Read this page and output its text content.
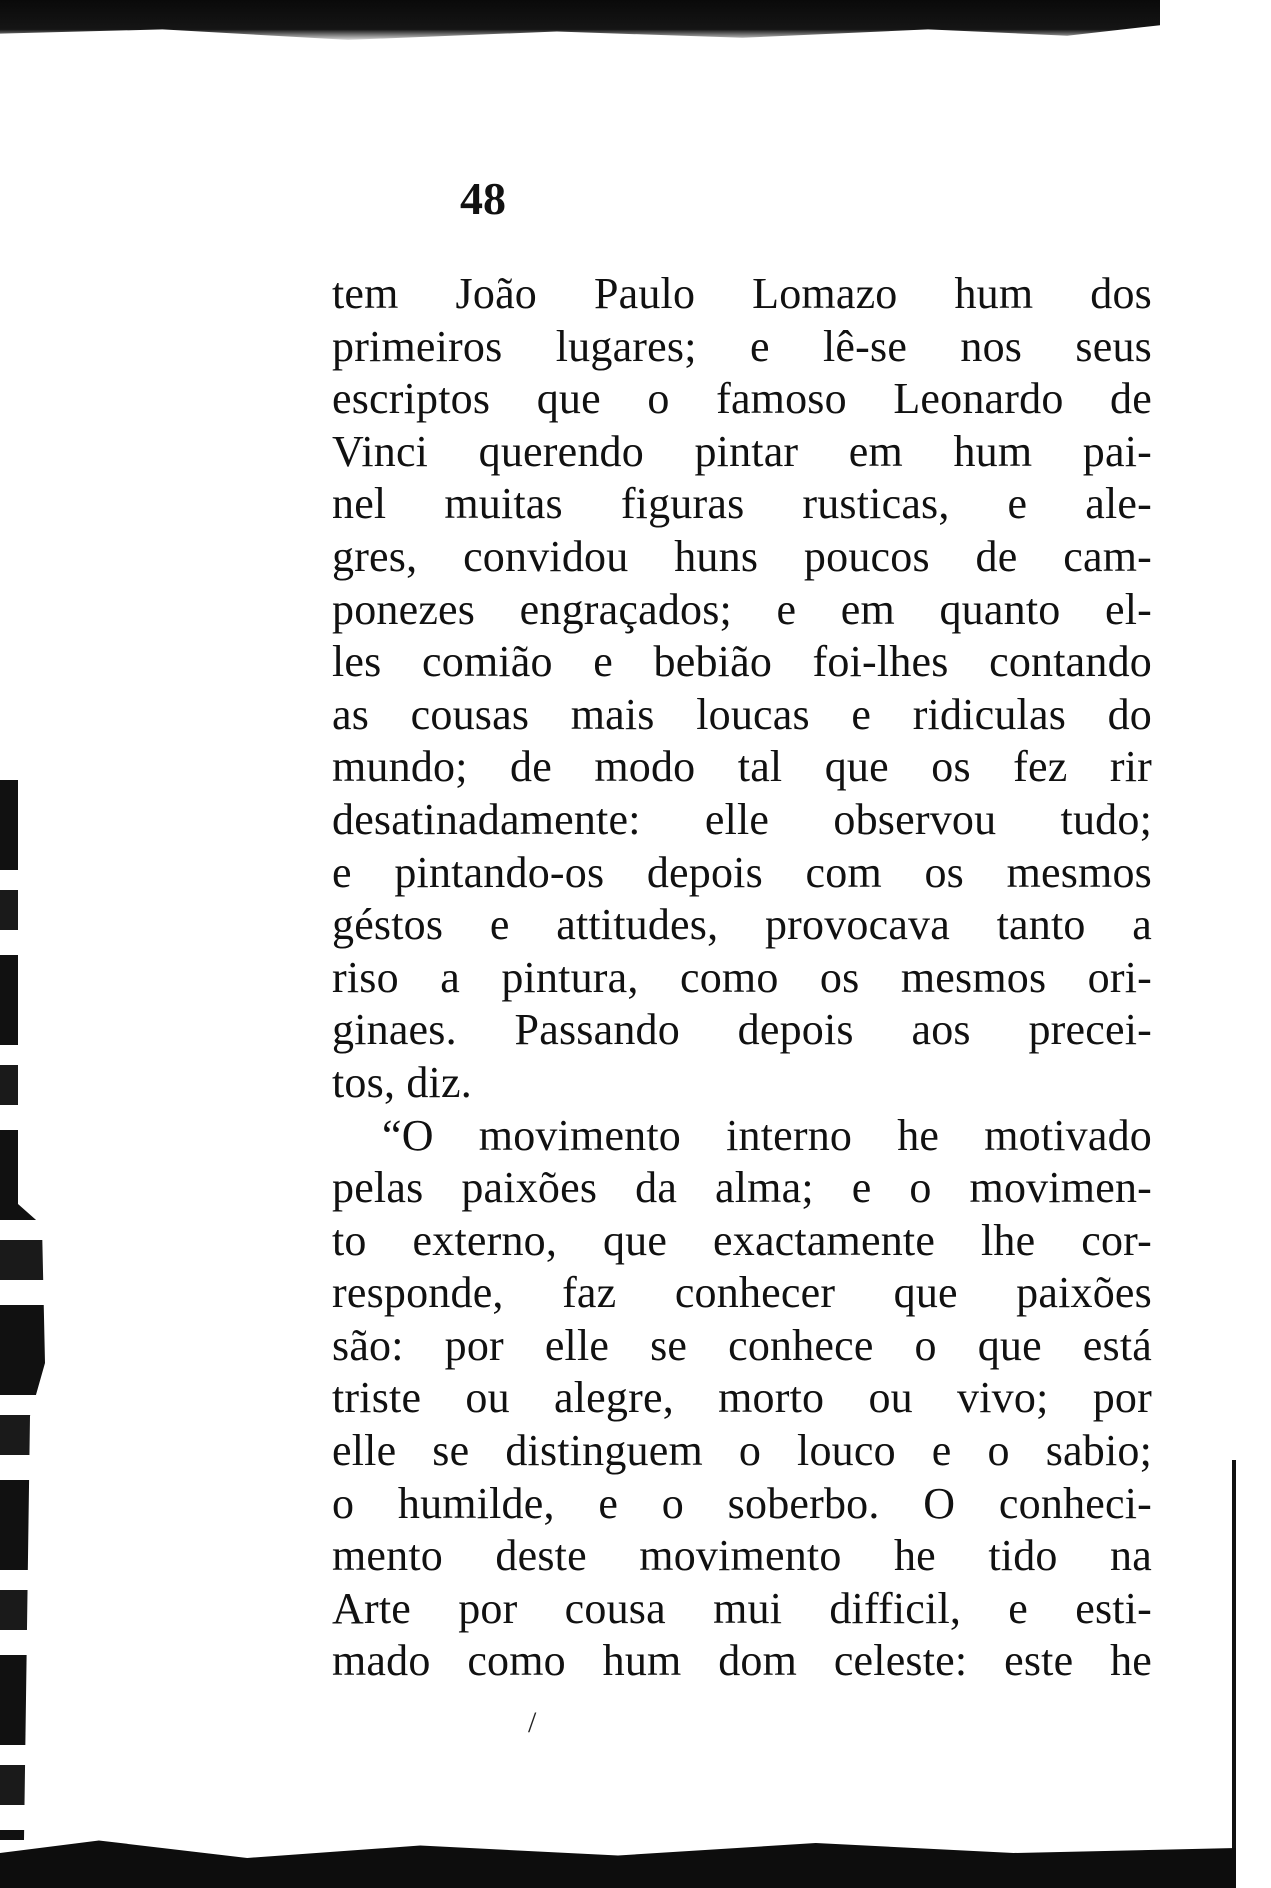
48
tem João Paulo Lomazo hum dos
primeiros lugares; e lê-se nos seus
escriptos que o famoso Leonardo de
Vinci querendo pintar em hum pai-
nel muitas figuras rusticas, e ale-
gres, convidou huns poucos de cam-
ponezes engraçados; e em quanto el-
les comião e bebião foi-lhes contando
as cousas mais loucas e ridiculas do
mundo; de modo tal que os fez rir
desatinadamente: elle observou tudo;
e pintando-os depois com os mesmos
géstos e attitudes, provocava tanto a
riso a pintura, como os mesmos ori-
ginaes. Passando depois aos precei-
tos, diz.
“O movimento interno he motivado
pelas paixões da alma; e o movimen-
to externo, que exactamente lhe cor-
responde, faz conhecer que paixões
são: por elle se conhece o que está
triste ou alegre, morto ou vivo; por
elle se distinguem o louco e o sabio;
o humilde, e o soberbo. O conheci-
mento deste movimento he tido na
Arte por cousa mui difficil, e esti-
mado como hum dom celeste: este he
/
